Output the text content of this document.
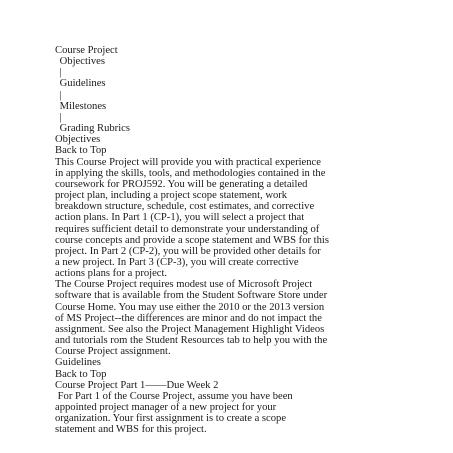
Course Project
Objectives
|
Guidelines
|
Milestones
|
Grading Rubrics
Objectives
Back to Top
This Course Project will provide you with practical experience
in applying the skills, tools, and methodologies contained in the
coursework for PROJ592. You will be generating a detailed
project plan, including a project scope statement, work
breakdown structure, schedule, cost estimates, and corrective
action plans. In Part 1 (CP-1), you will select a project that
requires sufficient detail to demonstrate your understanding of
course concepts and provide a scope statement and WBS for this
project. In Part 2 (CP-2), you will be provided other details for
a new project. In Part 3 (CP-3), you will create corrective
actions plans for a project.
The Course Project requires modest use of Microsoft Project
software that is available from the Student Software Store under
Course Home. You may use either the 2010 or the 2013 version
of MS Project--the differences are minor and do not impact the
assignment. See also the Project Management Highlight Videos
and tutorials rom the Student Resources tab to help you with the
Course Project assignment.
Guidelines
Back to Top
Course Project Part 1——Due Week 2
For Part 1 of the Course Project, assume you have been
appointed project manager of a new project for your
organization. Your first assignment is to create a scope
statement and WBS for this project.
